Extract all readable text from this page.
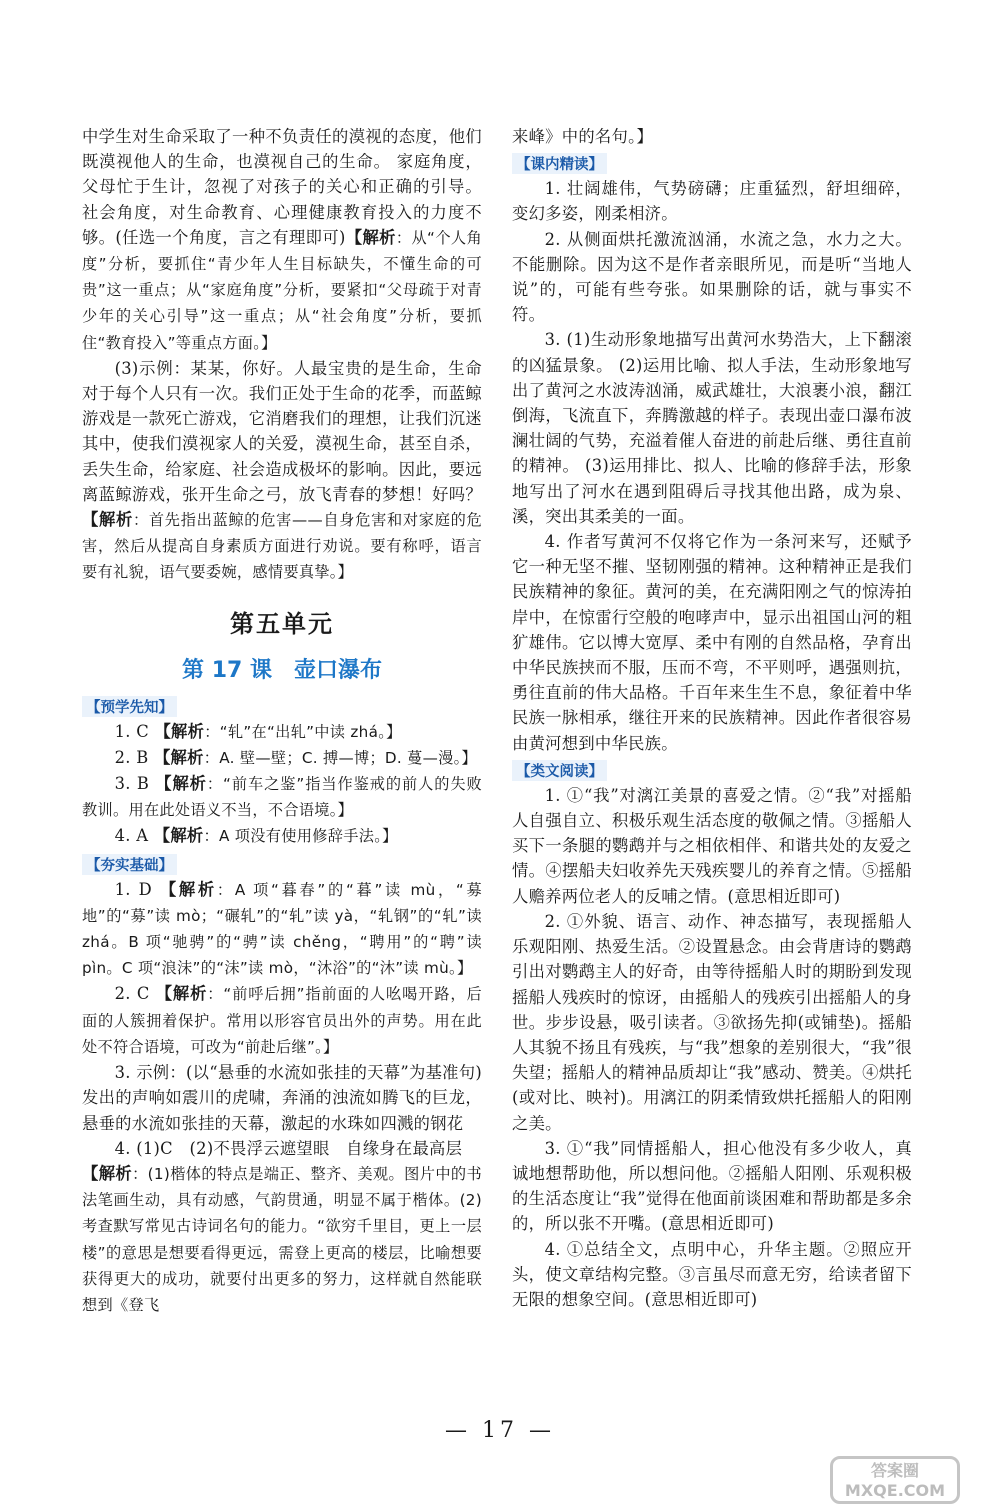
中学生对生命采取了一种不负责任的漠视的态度，他们既漠视他人的生命，也漠视自己的生命。 家庭角度，父母忙于生计，忽视了对孩子的关心和正确的引导。 社会角度，对生命教育、心理健康教育投入的力度不够。(任选一个角度，言之有理即可)【解析：从“个人角度”分析，要抓住“青少年人生目标缺失，不懂生命的可贵”这一重点；从“家庭角度”分析，要紧扣“父母疏于对青少年的关心引导”这一重点；从“社会角度”分析，要抓住“教育投入”等重点方面。】

(3)示例：某某，你好。人最宝贵的是生命，生命对于每个人只有一次。我们正处于生命的花季，而蓝鲸游戏是一款死亡游戏，它消磨我们的理想，让我们沉迷其中，使我们漠视家人的关爱，漠视生命，甚至自杀，丢失生命，给家庭、社会造成极坏的影响。因此，要远离蓝鲸游戏，张开生命之弓，放飞青春的梦想！好吗？ 【解析：首先指出蓝鲸的危害——自身危害和对家庭的危害，然后从提高自身素质方面进行劝说。要有称呼，语言要有礼貌，语气要委婉，感情要真挚。】

第五单元
第 17 课　壶口瀑布
【预学先知】

1. C 【解析：“轧”在“出轧”中读 zhá。】

2. B 【解析：A. 壁—壁；C. 搏—博；D. 蔓—漫。】

3. B 【解析：“前车之鉴”指当作鉴戒的前人的失败教训。用在此处语义不当，不合语境。】

4. A 【解析：A 项没有使用修辞手法。】

【夯实基础】

1. D 【解析：A 项“暮春”的“暮”读 mù，“募地”的“募”读 mò；“碾轧”的“轧”读 yà，“轧钢”的“轧”读 zhá。B 项“驰骋”的“骋”读 chěng，“聘用”的“聘”读 pìn。C 项“浪沫”的“沫”读 mò，“沐浴”的“沐”读 mù。】

2. C 【解析：“前呼后拥”指前面的人吆喝开路，后面的人簇拥着保护。常用以形容官员出外的声势。用在此处不符合语境，可改为“前赴后继”。】

3. 示例：(以“悬垂的水流如张挂的天幕”为基准句)发出的声响如震川的虎啸，奔涌的浊流如腾飞的巨龙，悬垂的水流如张挂的天幕，激起的水珠如四溅的钢花

4. (1)C　(2)不畏浮云遮望眼　自缘身在最高层

【解析：(1)楷体的特点是端正、整齐、美观。图片中的书法笔画生动，具有动感，气韵贯通，明显不属于楷体。(2)考查默写常见古诗词名句的能力。“欲穷千里目，更上一层楼”的意思是想要看得更远，需登上更高的楼层，比喻想要获得更大的成功，就要付出更多的努力，这样就自然能联想到《登飞

来峰》中的名句。】

【课内精读】

1. 壮阔雄伟，气势磅礴；庄重猛烈，舒坦细碎，变幻多姿，刚柔相济。

2. 从侧面烘托激流汹涌，水流之急，水力之大。不能删除。因为这不是作者亲眼所见，而是听“当地人说”的，可能有些夸张。如果删除的话，就与事实不符。

3. (1)生动形象地描写出黄河水势浩大，上下翻滚的凶猛景象。 (2)运用比喻、拟人手法，生动形象地写出了黄河之水波涛汹涌，威武雄壮，大浪裹小浪，翻江倒海，飞流直下，奔腾激越的样子。表现出壶口瀑布波澜壮阔的气势，充溢着催人奋进的前赴后继、勇往直前的精神。 (3)运用排比、拟人、比喻的修辞手法，形象地写出了河水在遇到阻碍后寻找其他出路，成为泉、溪，突出其柔美的一面。

4. 作者写黄河不仅将它作为一条河来写，还赋予它一种无坚不摧、坚韧刚强的精神。这种精神正是我们民族精神的象征。黄河的美，在充满阳刚之气的惊涛拍岸中，在惊雷行空般的咆哮声中，显示出祖国山河的粗犷雄伟。它以博大宽厚、柔中有刚的自然品格，孕育出中华民族挟而不服，压而不弯，不平则呼，遇强则抗，勇往直前的伟大品格。千百年来生生不息，象征着中华民族一脉相承，继往开来的民族精神。因此作者很容易由黄河想到中华民族。

【类文阅读】

1. ①“我”对漓江美景的喜爱之情。②“我”对摇船人自强自立、积极乐观生活态度的敬佩之情。③摇船人买下一条腿的鹦鹉并与之相依相伴、和谐共处的友爱之情。④摆船夫妇收养先天残疾婴儿的养育之情。⑤摇船人赡养两位老人的反哺之情。(意思相近即可)

2. ①外貌、语言、动作、神态描写，表现摇船人乐观阳刚、热爱生活。②设置悬念。由会背唐诗的鹦鹉引出对鹦鹉主人的好奇，由等待摇船人时的期盼到发现摇船人残疾时的惊讶，由摇船人的残疾引出摇船人的身世。步步设悬，吸引读者。③欲扬先抑(或铺垫)。摇船人其貌不扬且有残疾，与“我”想象的差别很大，“我”很失望；摇船人的精神品质却让“我”感动、赞美。④烘托(或对比、映衬)。用漓江的阴柔情致烘托摇船人的阳刚之美。

3. ①“我”同情摇船人，担心他没有多少收人，真诚地想帮助他，所以想问他。②摇船人阳刚、乐观积极的生活态度让“我”觉得在他面前谈困难和帮助都是多余的，所以张不开嘴。(意思相近即可)

4. ①总结全文，点明中心，升华主题。②照应开头，使文章结构完整。③言虽尽而意无穷，给读者留下无限的想象空间。(意思相近即可)

— 17 —
答案圈
MXQE.COM
